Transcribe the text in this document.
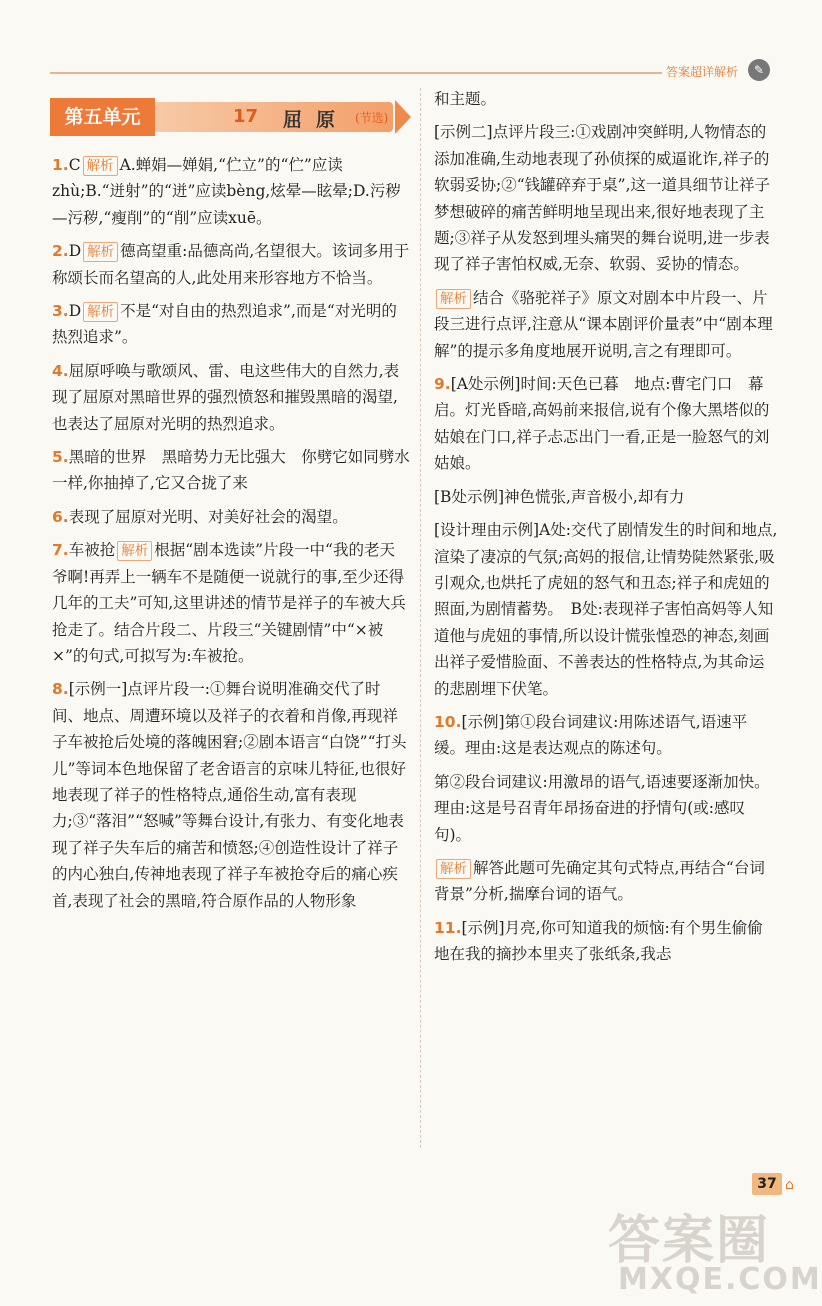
答案超详解析	✎
第五单元	17 屈原 (节选)

1.C 解析 A.蝉娟—婵娟,“伫立”的“伫”应读zhù;B.“迸射”的“迸”应读bèng,炫晕—眩晕;D.污秽—污秽,“瘦削”的“削”应读xuē。

2.D 解析 德高望重:品德高尚,名望很大。该词多用于称颂长而名望高的人,此处用来形容地方不恰当。

3.D 解析 不是“对自由的热烈追求”,而是“对光明的热烈追求”。

4.屈原呼唤与歌颂风、雷、电这些伟大的自然力,表现了屈原对黑暗世界的强烈愤怒和摧毁黑暗的渴望,也表达了屈原对光明的热烈追求。

5.黑暗的世界　黑暗势力无比强大　你劈它如同劈水一样,你抽掉了,它又合拢了来

6.表现了屈原对光明、对美好社会的渴望。

7.车被抢 解析 根据“剧本选读”片段一中“我的老天爷啊!再弄上一辆车不是随便一说就行的事,至少还得几年的工夫”可知,这里讲述的情节是祥子的车被大兵抢走了。结合片段二、片段三“关键剧情”中“×被×”的句式,可拟写为:车被抢。

8.[示例一]点评片段一:①舞台说明准确交代了时间、地点、周遭环境以及祥子的衣着和肖像,再现祥子车被抢后处境的落魄困窘;②剧本语言“白饶”“打头儿”等词本色地保留了老舍语言的京味儿特征,也很好地表现了祥子的性格特点,通俗生动,富有表现力;③“落泪”“怒喊”等舞台设计,有张力、有变化地表现了祥子失车后的痛苦和愤怒;④创造性设计了祥子的内心独白,传神地表现了祥子车被抢夺后的痛心疾首,表现了社会的黑暗,符合原作品的人物形象

和主题。

[示例二]点评片段三:①戏剧冲突鲜明,人物情态的添加准确,生动地表现了孙侦探的威逼讹诈,祥子的软弱妥协;②“钱罐碎弃于桌”,这一道具细节让祥子梦想破碎的痛苦鲜明地呈现出来,很好地表现了主题;③祥子从发怒到埋头痛哭的舞台说明,进一步表现了祥子害怕权威,无奈、软弱、妥协的情态。

解析 结合《骆驼祥子》原文对剧本中片段一、片段三进行点评,注意从“课本剧评价量表”中“剧本理解”的提示多角度地展开说明,言之有理即可。

9.[A处示例]时间:天色已暮　地点:曹宅门口　幕启。灯光昏暗,高妈前来报信,说有个像大黑塔似的姑娘在门口,祥子忐忑出门一看,正是一脸怒气的刘姑娘。

[B处示例]神色慌张,声音极小,却有力

[设计理由示例]A处:交代了剧情发生的时间和地点,渲染了凄凉的气氛;高妈的报信,让情势陡然紧张,吸引观众,也烘托了虎妞的怒气和丑态;祥子和虎妞的照面,为剧情蓄势。　B处:表现祥子害怕高妈等人知道他与虎妞的事情,所以设计慌张惶恐的神态,刻画出祥子爱惜脸面、不善表达的性格特点,为其命运的悲剧埋下伏笔。

10.[示例]第①段台词建议:用陈述语气,语速平缓。理由:这是表达观点的陈述句。

第②段台词建议:用激昂的语气,语速要逐渐加快。理由:这是号召青年昂扬奋进的抒情句(或:感叹句)。

解析 解答此题可先确定其句式特点,再结合“台词背景”分析,揣摩台词的语气。

11.[示例]月亮,你可知道我的烦恼:有个男生偷偷地在我的摘抄本里夹了张纸条,我忐

37 ⌂
答案圈
MXQE.COM
